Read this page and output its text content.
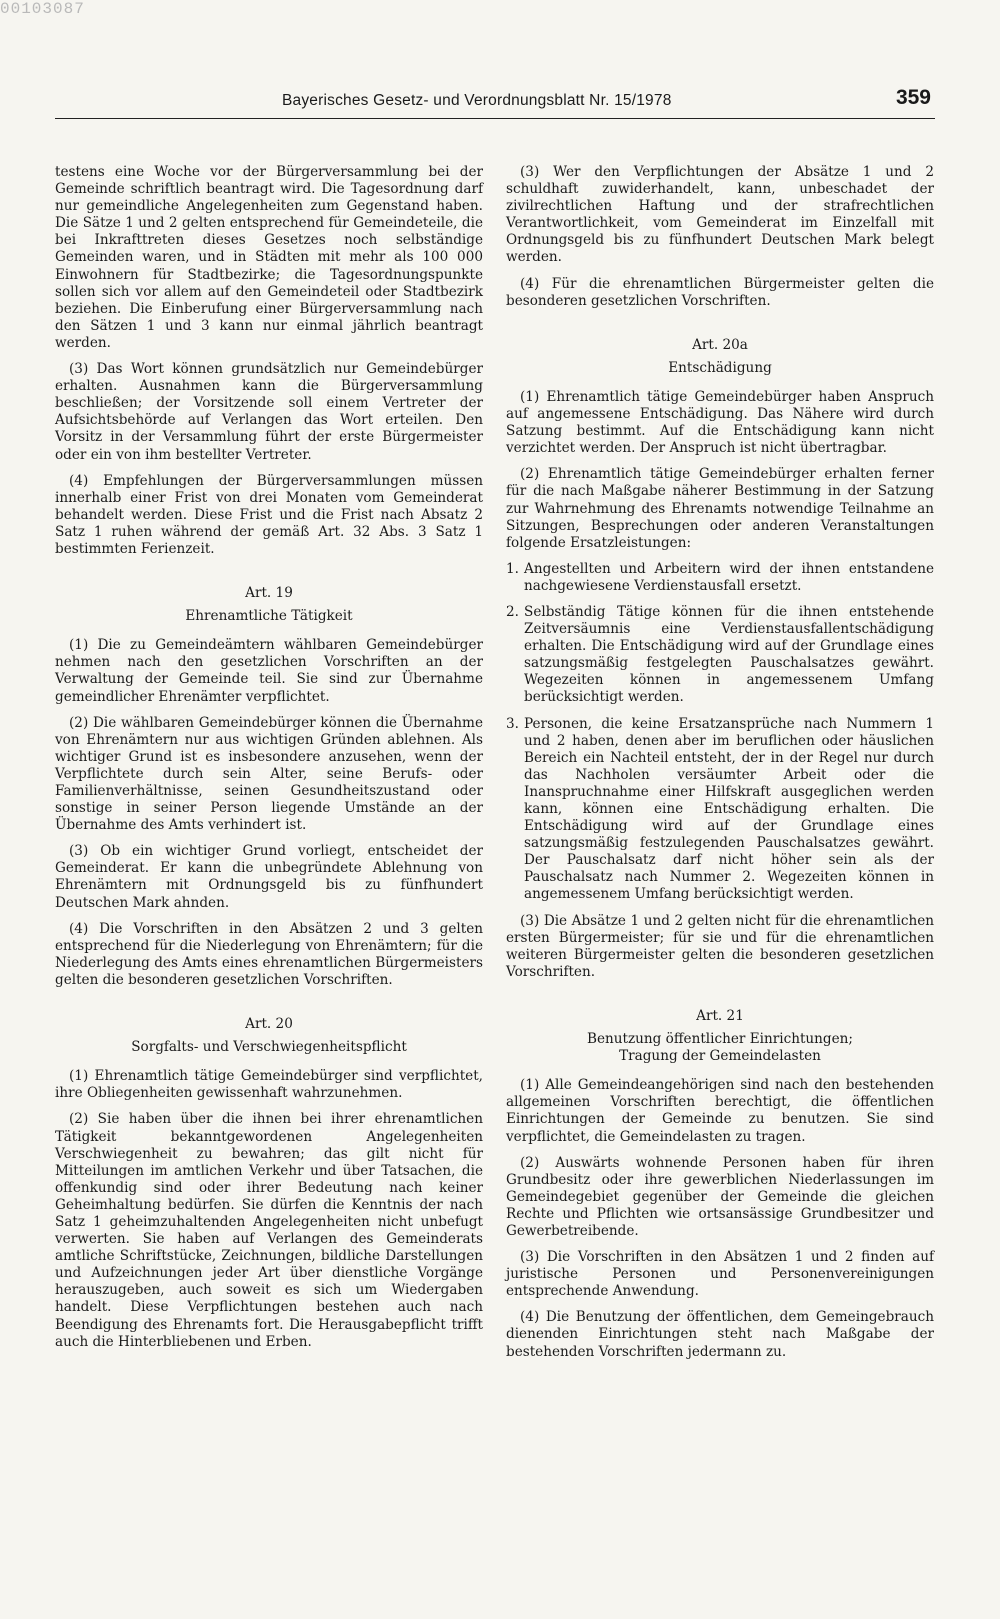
00103087
Bayerisches Gesetz- und Verordnungsblatt Nr. 15/1978	359

testens eine Woche vor der Bürgerversammlung bei der Gemeinde schriftlich beantragt wird. Die Tagesordnung darf nur gemeindliche Angelegenheiten zum Gegenstand haben. Die Sätze 1 und 2 gelten entsprechend für Gemeindeteile, die bei Inkrafttreten dieses Gesetzes noch selbständige Gemeinden waren, und in Städten mit mehr als 100 000 Einwohnern für Stadtbezirke; die Tagesordnungspunkte sollen sich vor allem auf den Gemeindeteil oder Stadtbezirk beziehen. Die Einberufung einer Bürgerversammlung nach den Sätzen 1 und 3 kann nur einmal jährlich beantragt werden.

(3) Das Wort können grundsätzlich nur Gemeindebürger erhalten. Ausnahmen kann die Bürgerversammlung beschließen; der Vorsitzende soll einem Vertreter der Aufsichtsbehörde auf Verlangen das Wort erteilen. Den Vorsitz in der Versammlung führt der erste Bürgermeister oder ein von ihm bestellter Vertreter.

(4) Empfehlungen der Bürgerversammlungen müssen innerhalb einer Frist von drei Monaten vom Gemeinderat behandelt werden. Diese Frist und die Frist nach Absatz 2 Satz 1 ruhen während der gemäß Art. 32 Abs. 3 Satz 1 bestimmten Ferienzeit.

Art. 19
Ehrenamtliche Tätigkeit

(1) Die zu Gemeindeämtern wählbaren Gemeindebürger nehmen nach den gesetzlichen Vorschriften an der Verwaltung der Gemeinde teil. Sie sind zur Übernahme gemeindlicher Ehrenämter verpflichtet.

(2) Die wählbaren Gemeindebürger können die Übernahme von Ehrenämtern nur aus wichtigen Gründen ablehnen. Als wichtiger Grund ist es insbesondere anzusehen, wenn der Verpflichtete durch sein Alter, seine Berufs- oder Familienverhältnisse, seinen Gesundheitszustand oder sonstige in seiner Person liegende Umstände an der Übernahme des Amts verhindert ist.

(3) Ob ein wichtiger Grund vorliegt, entscheidet der Gemeinderat. Er kann die unbegründete Ablehnung von Ehrenämtern mit Ordnungsgeld bis zu fünfhundert Deutschen Mark ahnden.

(4) Die Vorschriften in den Absätzen 2 und 3 gelten entsprechend für die Niederlegung von Ehrenämtern; für die Niederlegung des Amts eines ehrenamtlichen Bürgermeisters gelten die besonderen gesetzlichen Vorschriften.

Art. 20
Sorgfalts- und Verschwiegenheitspflicht

(1) Ehrenamtlich tätige Gemeindebürger sind verpflichtet, ihre Obliegenheiten gewissenhaft wahrzunehmen.

(2) Sie haben über die ihnen bei ihrer ehrenamtlichen Tätigkeit bekanntgewordenen Angelegenheiten Verschwiegenheit zu bewahren; das gilt nicht für Mitteilungen im amtlichen Verkehr und über Tatsachen, die offenkundig sind oder ihrer Bedeutung nach keiner Geheimhaltung bedürfen. Sie dürfen die Kenntnis der nach Satz 1 geheimzuhaltenden Angelegenheiten nicht unbefugt verwerten. Sie haben auf Verlangen des Gemeinderats amtliche Schriftstücke, Zeichnungen, bildliche Darstellungen und Aufzeichnungen jeder Art über dienstliche Vorgänge herauszugeben, auch soweit es sich um Wiedergaben handelt. Diese Verpflichtungen bestehen auch nach Beendigung des Ehrenamts fort. Die Herausgabepflicht trifft auch die Hinterbliebenen und Erben.

(3) Wer den Verpflichtungen der Absätze 1 und 2 schuldhaft zuwiderhandelt, kann, unbeschadet der zivilrechtlichen Haftung und der strafrechtlichen Verantwortlichkeit, vom Gemeinderat im Einzelfall mit Ordnungsgeld bis zu fünfhundert Deutschen Mark belegt werden.

(4) Für die ehrenamtlichen Bürgermeister gelten die besonderen gesetzlichen Vorschriften.

Art. 20a
Entschädigung

(1) Ehrenamtlich tätige Gemeindebürger haben Anspruch auf angemessene Entschädigung. Das Nähere wird durch Satzung bestimmt. Auf die Entschädigung kann nicht verzichtet werden. Der Anspruch ist nicht übertragbar.

(2) Ehrenamtlich tätige Gemeindebürger erhalten ferner für die nach Maßgabe näherer Bestimmung in der Satzung zur Wahrnehmung des Ehrenamts notwendige Teilnahme an Sitzungen, Besprechungen oder anderen Veranstaltungen folgende Ersatzleistungen:

1. Angestellten und Arbeitern wird der ihnen entstandene nachgewiesene Verdienstausfall ersetzt.
2. Selbständig Tätige können für die ihnen entstehende Zeitversäumnis eine Verdienstausfallentschädigung erhalten. Die Entschädigung wird auf der Grundlage eines satzungsmäßig festgelegten Pauschalsatzes gewährt. Wegezeiten können in angemessenem Umfang berücksichtigt werden.
3. Personen, die keine Ersatzansprüche nach Nummern 1 und 2 haben, denen aber im beruflichen oder häuslichen Bereich ein Nachteil entsteht, der in der Regel nur durch das Nachholen versäumter Arbeit oder die Inanspruchnahme einer Hilfskraft ausgeglichen werden kann, können eine Entschädigung erhalten. Die Entschädigung wird auf der Grundlage eines satzungsmäßig festzulegenden Pauschalsatzes gewährt. Der Pauschalsatz darf nicht höher sein als der Pauschalsatz nach Nummer 2. Wegezeiten können in angemessenem Umfang berücksichtigt werden.

(3) Die Absätze 1 und 2 gelten nicht für die ehrenamtlichen ersten Bürgermeister; für sie und für die ehrenamtlichen weiteren Bürgermeister gelten die besonderen gesetzlichen Vorschriften.

Art. 21
Benutzung öffentlicher Einrichtungen;
Tragung der Gemeindelasten

(1) Alle Gemeindeangehörigen sind nach den bestehenden allgemeinen Vorschriften berechtigt, die öffentlichen Einrichtungen der Gemeinde zu benutzen. Sie sind verpflichtet, die Gemeindelasten zu tragen.

(2) Auswärts wohnende Personen haben für ihren Grundbesitz oder ihre gewerblichen Niederlassungen im Gemeindegebiet gegenüber der Gemeinde die gleichen Rechte und Pflichten wie ortsansässige Grundbesitzer und Gewerbetreibende.

(3) Die Vorschriften in den Absätzen 1 und 2 finden auf juristische Personen und Personenvereinigungen entsprechende Anwendung.

(4) Die Benutzung der öffentlichen, dem Gemeingebrauch dienenden Einrichtungen steht nach Maßgabe der bestehenden Vorschriften jedermann zu.
